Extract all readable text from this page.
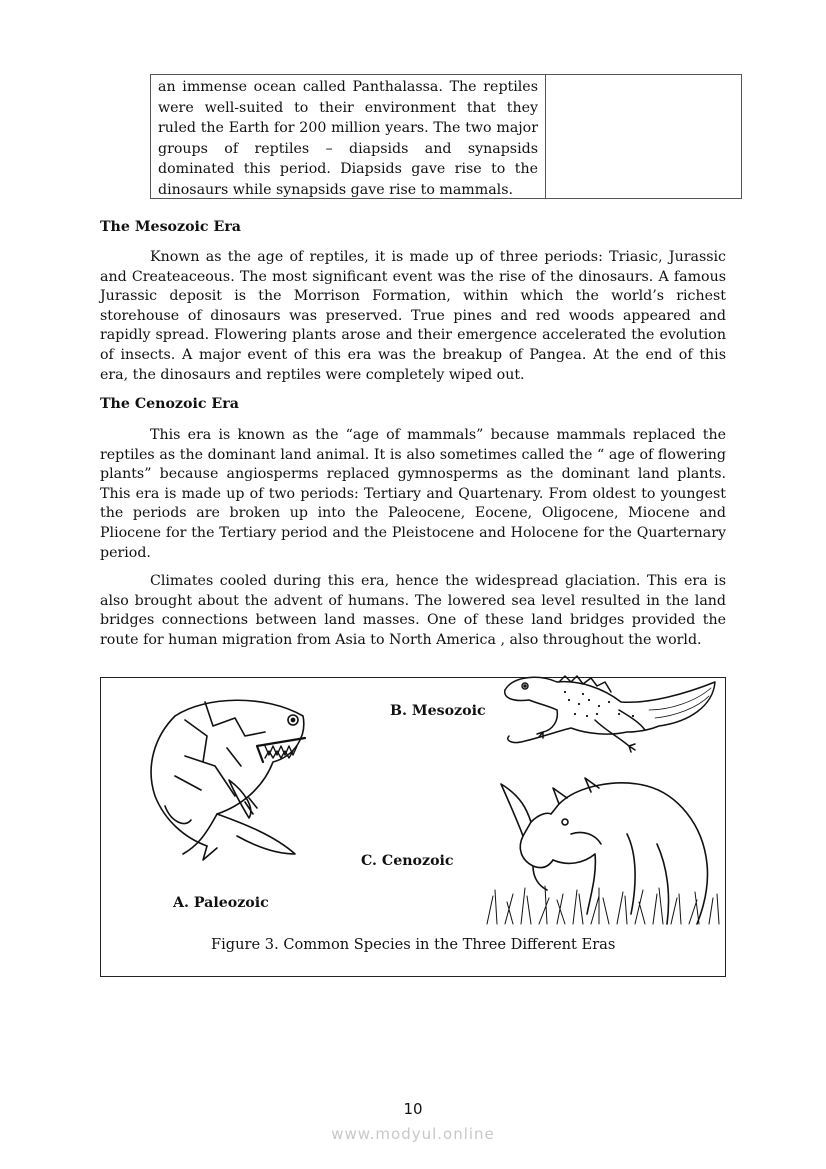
an immense ocean called Panthalassa. The reptiles
were well-suited to their environment that they
ruled the Earth for 200 million years. The two major
groups of reptiles – diapsids and synapsids
dominated this period. Diapsids gave rise to the
dinosaurs while synapsids gave rise to mammals.
The Mesozoic Era
Known as the age of reptiles, it is made up of three periods: Triasic, Jurassic
and Createaceous. The most significant event was the rise of the dinosaurs. A famous
Jurassic deposit is the Morrison Formation, within which the world’s richest
storehouse of dinosaurs was preserved. True pines and red woods appeared and
rapidly spread. Flowering plants arose and their emergence accelerated the evolution
of insects. A major event of this era was the breakup of Pangea. At the end of this
era, the dinosaurs and reptiles were completely wiped out.
The Cenozoic Era
This era is known as the “age of mammals” because mammals replaced the
reptiles as the dominant land animal. It is also sometimes called the “ age of flowering
plants” because angiosperms replaced gymnosperms as the dominant land plants.
This era is made up of two periods: Tertiary and Quartenary. From oldest to youngest
the periods are broken up into the Paleocene, Eocene, Oligocene, Miocene and
Pliocene for the Tertiary period and the Pleistocene and Holocene for the Quarternary
period.
Climates cooled during this era, hence the widespread glaciation. This era is
also brought about the advent of humans. The lowered sea level resulted in the land
bridges connections between land masses. One of these land bridges provided the
route for human migration from Asia to North America , also throughout the world.
B. Mesozoic
C. Cenozoic
A. Paleozoic
Figure 3. Common Species in the Three Different Eras
10
www.modyul.online
